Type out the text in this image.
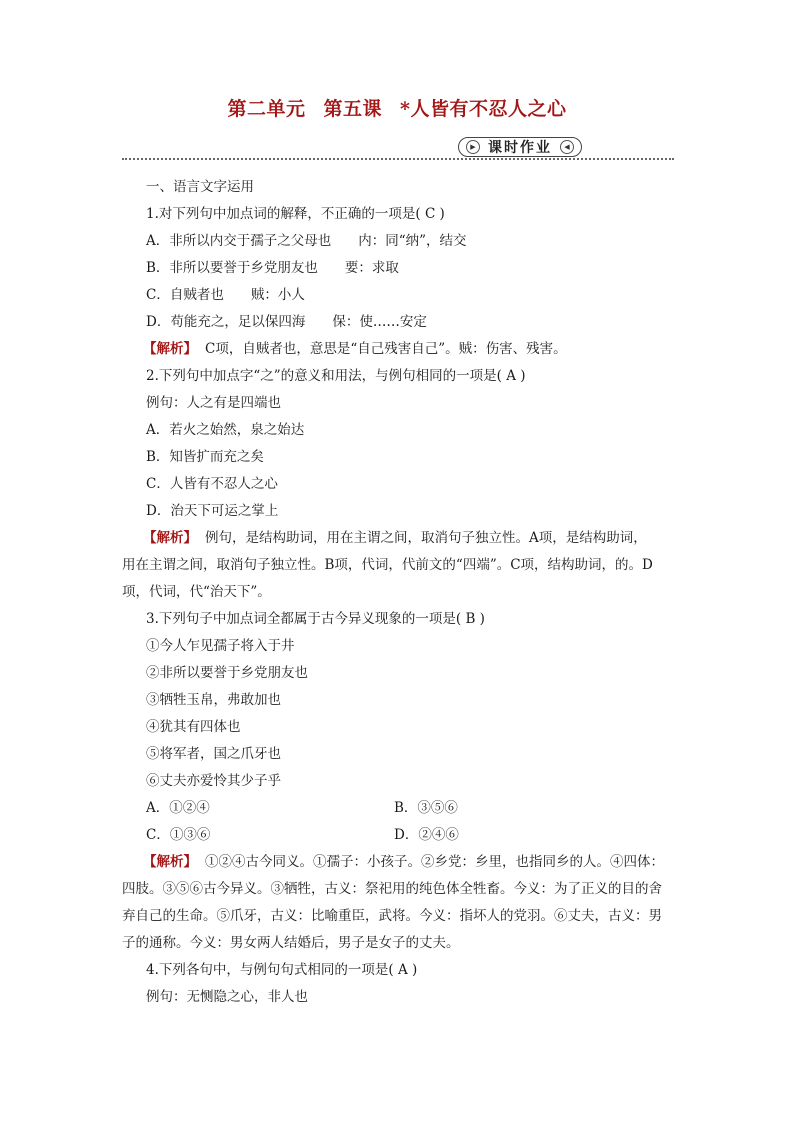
第二单元 第五课 *人皆有不忍人之心
▶ 课时作业	◀
一、语言文字运用
1.对下列句中加点词的解释，不正确的一项是( C )
A．非所以内交于孺子之父母也　　内：同“纳”，结交
B．非所以要誉于乡党朋友也　　要：求取
C．自贼者也　　贼：小人
D．苟能充之，足以保四海　　保：使……安定
【解析】 C项，自贼者也，意思是“自己残害自己”。贼：伤害、残害。
2.下列句中加点字“之”的意义和用法，与例句相同的一项是( A )
例句：人之有是四端也
A．若火之始然，泉之始达
B．知皆扩而充之矣
C．人皆有不忍人之心
D．治天下可运之掌上
【解析】 例句，是结构助词，用在主谓之间，取消句子独立性。A项，是结构助词，
用在主谓之间，取消句子独立性。B项，代词，代前文的“四端”。C项，结构助词，的。D
项，代词，代“治天下”。
3.下列句子中加点词全都属于古今异义现象的一项是( B )
①今人乍见孺子将入于井
②非所以要誉于乡党朋友也
③牺牲玉帛，弗敢加也
④犹其有四体也
⑤将军者，国之爪牙也
⑥丈夫亦爱怜其少子乎
A．①②④	B．③⑤⑥
C．①③⑥	D．②④⑥
【解析】 ①②④古今同义。①孺子：小孩子。②乡党：乡里，也指同乡的人。④四体：
四肢。③⑤⑥古今异义。③牺牲，古义：祭祀用的纯色体全牲畜。今义：为了正义的目的舍
弃自己的生命。⑤爪牙，古义：比喻重臣，武将。今义：指坏人的党羽。⑥丈夫，古义：男
子的通称。今义：男女两人结婚后，男子是女子的丈夫。
4.下列各句中，与例句句式相同的一项是( A )
例句：无恻隐之心，非人也
